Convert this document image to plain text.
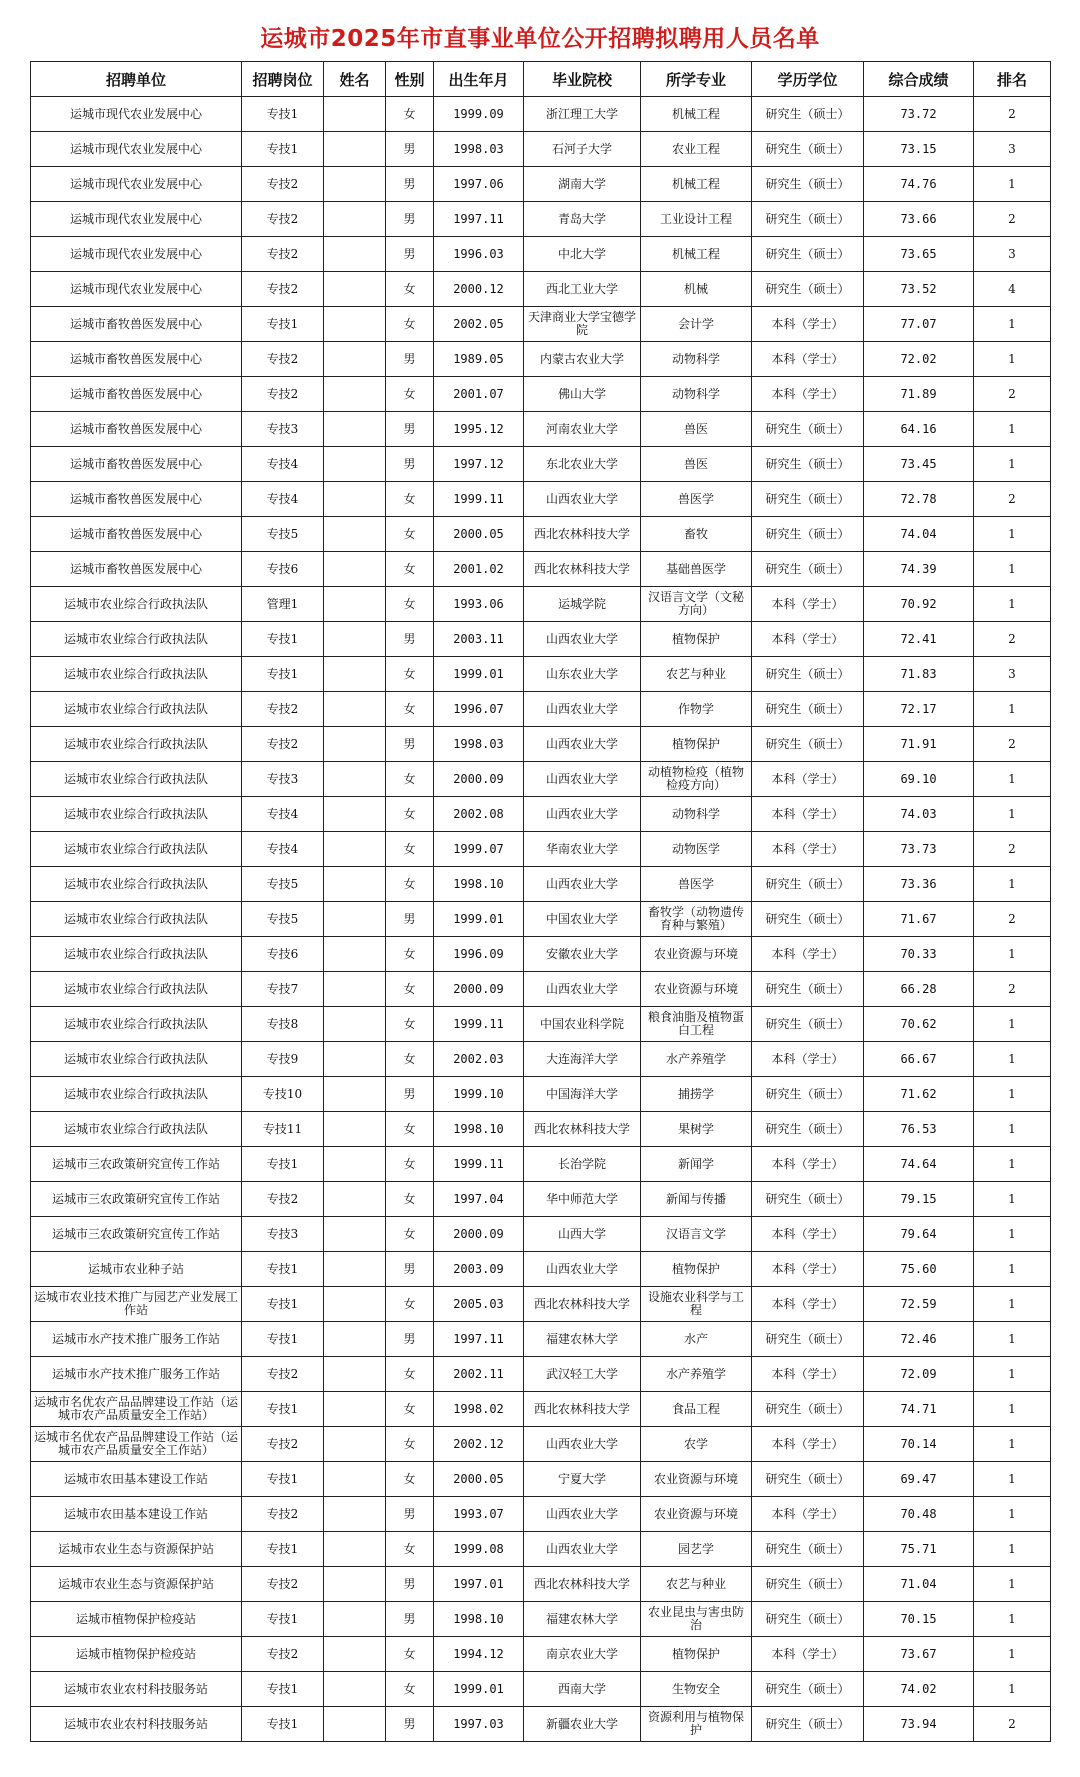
运城市2025年市直事业单位公开招聘拟聘用人员名单
招聘单位	招聘岗位	姓名	性别	出生年月	毕业院校	所学专业	学历学位	综合成绩	排名
运城市现代农业发展中心	专技1		女	1999.09	浙江理工大学	机械工程	研究生（硕士）	73.72	2
运城市现代农业发展中心	专技1		男	1998.03	石河子大学	农业工程	研究生（硕士）	73.15	3
运城市现代农业发展中心	专技2		男	1997.06	湖南大学	机械工程	研究生（硕士）	74.76	1
运城市现代农业发展中心	专技2		男	1997.11	青岛大学	工业设计工程	研究生（硕士）	73.66	2
运城市现代农业发展中心	专技2		男	1996.03	中北大学	机械工程	研究生（硕士）	73.65	3
运城市现代农业发展中心	专技2		女	2000.12	西北工业大学	机械	研究生（硕士）	73.52	4
运城市畜牧兽医发展中心	专技1		女	2002.05	天津商业大学宝德学院	会计学	本科（学士）	77.07	1
运城市畜牧兽医发展中心	专技2		男	1989.05	内蒙古农业大学	动物科学	本科（学士）	72.02	1
运城市畜牧兽医发展中心	专技2		女	2001.07	佛山大学	动物科学	本科（学士）	71.89	2
运城市畜牧兽医发展中心	专技3		男	1995.12	河南农业大学	兽医	研究生（硕士）	64.16	1
运城市畜牧兽医发展中心	专技4		男	1997.12	东北农业大学	兽医	研究生（硕士）	73.45	1
运城市畜牧兽医发展中心	专技4		女	1999.11	山西农业大学	兽医学	研究生（硕士）	72.78	2
运城市畜牧兽医发展中心	专技5		女	2000.05	西北农林科技大学	畜牧	研究生（硕士）	74.04	1
运城市畜牧兽医发展中心	专技6		女	2001.02	西北农林科技大学	基础兽医学	研究生（硕士）	74.39	1
运城市农业综合行政执法队	管理1		女	1993.06	运城学院	汉语言文学（文秘方向）	本科（学士）	70.92	1
运城市农业综合行政执法队	专技1		男	2003.11	山西农业大学	植物保护	本科（学士）	72.41	2
运城市农业综合行政执法队	专技1		女	1999.01	山东农业大学	农艺与种业	研究生（硕士）	71.83	3
运城市农业综合行政执法队	专技2		女	1996.07	山西农业大学	作物学	研究生（硕士）	72.17	1
运城市农业综合行政执法队	专技2		男	1998.03	山西农业大学	植物保护	研究生（硕士）	71.91	2
运城市农业综合行政执法队	专技3		女	2000.09	山西农业大学	动植物检疫（植物检疫方向）	本科（学士）	69.10	1
运城市农业综合行政执法队	专技4		女	2002.08	山西农业大学	动物科学	本科（学士）	74.03	1
运城市农业综合行政执法队	专技4		女	1999.07	华南农业大学	动物医学	本科（学士）	73.73	2
运城市农业综合行政执法队	专技5		女	1998.10	山西农业大学	兽医学	研究生（硕士）	73.36	1
运城市农业综合行政执法队	专技5		男	1999.01	中国农业大学	畜牧学（动物遗传育种与繁殖）	研究生（硕士）	71.67	2
运城市农业综合行政执法队	专技6		女	1996.09	安徽农业大学	农业资源与环境	本科（学士）	70.33	1
运城市农业综合行政执法队	专技7		女	2000.09	山西农业大学	农业资源与环境	研究生（硕士）	66.28	2
运城市农业综合行政执法队	专技8		女	1999.11	中国农业科学院	粮食油脂及植物蛋白工程	研究生（硕士）	70.62	1
运城市农业综合行政执法队	专技9		女	2002.03	大连海洋大学	水产养殖学	本科（学士）	66.67	1
运城市农业综合行政执法队	专技10		男	1999.10	中国海洋大学	捕捞学	研究生（硕士）	71.62	1
运城市农业综合行政执法队	专技11		女	1998.10	西北农林科技大学	果树学	研究生（硕士）	76.53	1
运城市三农政策研究宣传工作站	专技1		女	1999.11	长治学院	新闻学	本科（学士）	74.64	1
运城市三农政策研究宣传工作站	专技2		女	1997.04	华中师范大学	新闻与传播	研究生（硕士）	79.15	1
运城市三农政策研究宣传工作站	专技3		女	2000.09	山西大学	汉语言文学	本科（学士）	79.64	1
运城市农业种子站	专技1		男	2003.09	山西农业大学	植物保护	本科（学士）	75.60	1
运城市农业技术推广与园艺产业发展工作站	专技1		女	2005.03	西北农林科技大学	设施农业科学与工程	本科（学士）	72.59	1
运城市水产技术推广服务工作站	专技1		男	1997.11	福建农林大学	水产	研究生（硕士）	72.46	1
运城市水产技术推广服务工作站	专技2		女	2002.11	武汉轻工大学	水产养殖学	本科（学士）	72.09	1
运城市名优农产品品牌建设工作站（运城市农产品质量安全工作站）	专技1		女	1998.02	西北农林科技大学	食品工程	研究生（硕士）	74.71	1
运城市名优农产品品牌建设工作站（运城市农产品质量安全工作站）	专技2		女	2002.12	山西农业大学	农学	本科（学士）	70.14	1
运城市农田基本建设工作站	专技1		女	2000.05	宁夏大学	农业资源与环境	研究生（硕士）	69.47	1
运城市农田基本建设工作站	专技2		男	1993.07	山西农业大学	农业资源与环境	本科（学士）	70.48	1
运城市农业生态与资源保护站	专技1		女	1999.08	山西农业大学	园艺学	研究生（硕士）	75.71	1
运城市农业生态与资源保护站	专技2		男	1997.01	西北农林科技大学	农艺与种业	研究生（硕士）	71.04	1
运城市植物保护检疫站	专技1		男	1998.10	福建农林大学	农业昆虫与害虫防治	研究生（硕士）	70.15	1
运城市植物保护检疫站	专技2		女	1994.12	南京农业大学	植物保护	本科（学士）	73.67	1
运城市农业农村科技服务站	专技1		女	1999.01	西南大学	生物安全	研究生（硕士）	74.02	1
运城市农业农村科技服务站	专技1		男	1997.03	新疆农业大学	资源利用与植物保护	研究生（硕士）	73.94	2
